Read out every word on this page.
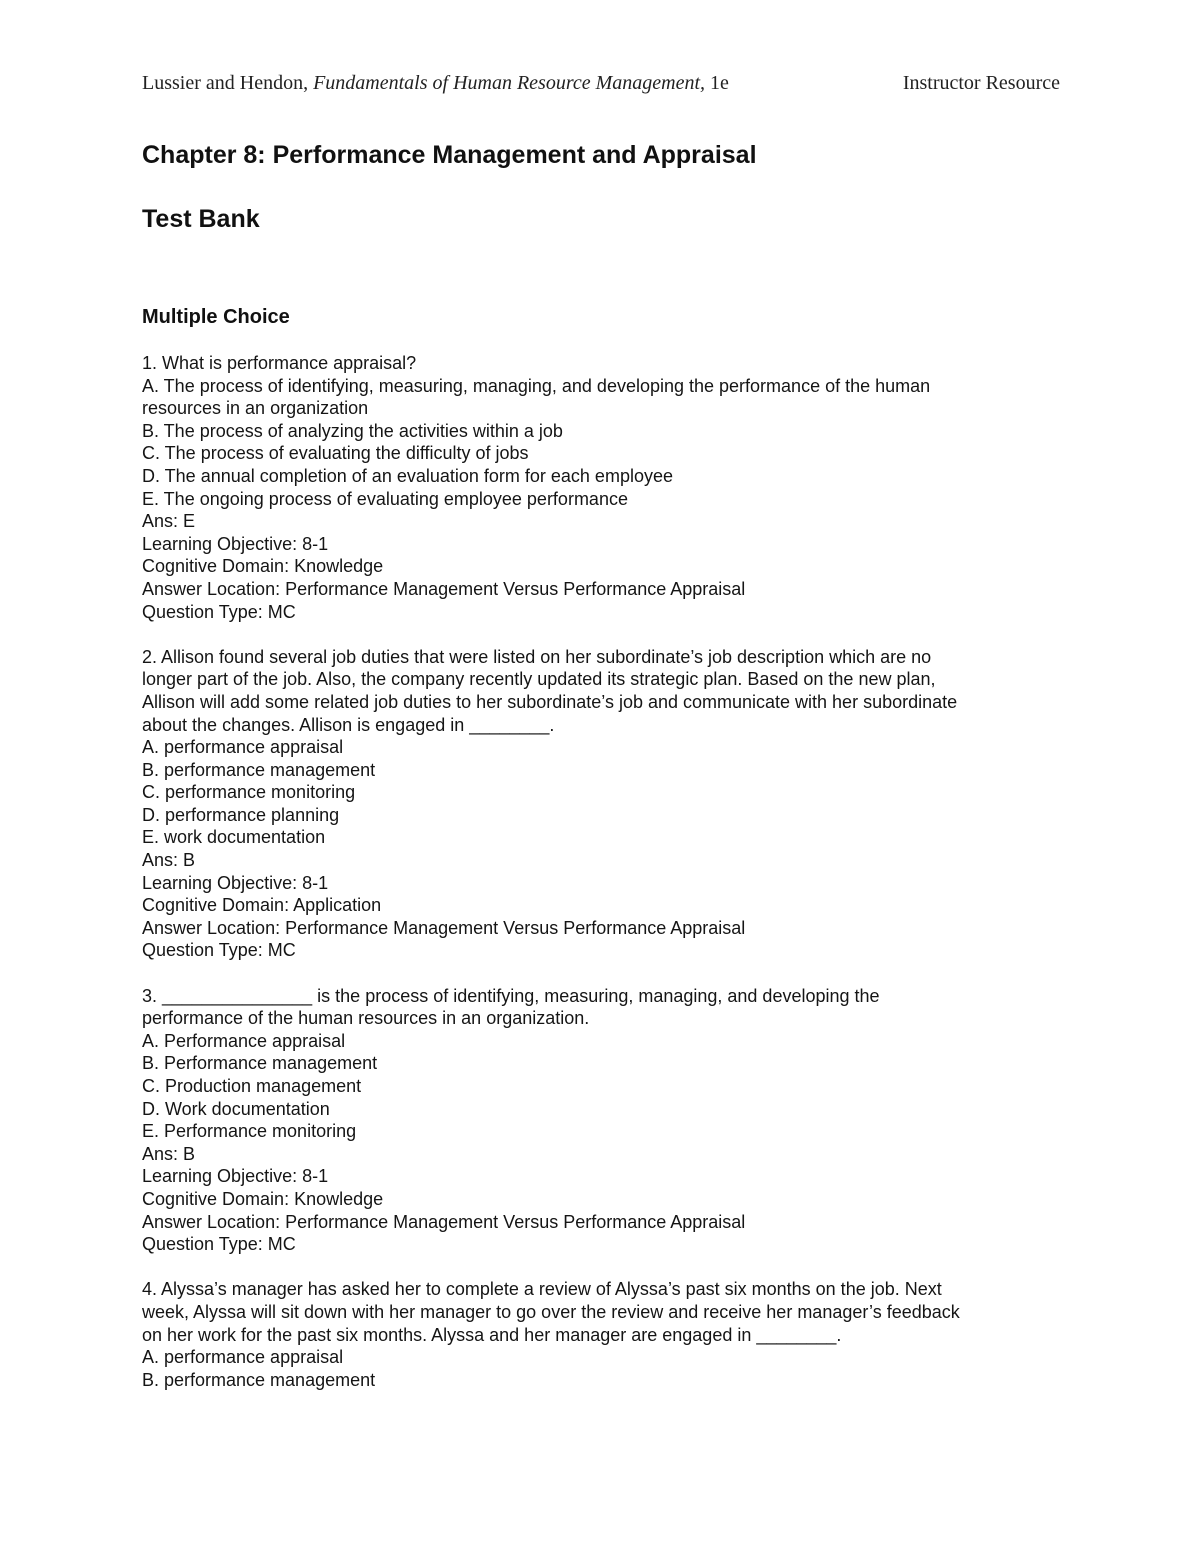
Lussier and Hendon, Fundamentals of Human Resource Management, 1e	Instructor Resource
Chapter 8: Performance Management and Appraisal
Test Bank
Multiple Choice
1. What is performance appraisal?
A. The process of identifying, measuring, managing, and developing the performance of the human
resources in an organization
B. The process of analyzing the activities within a job
C. The process of evaluating the difficulty of jobs
D. The annual completion of an evaluation form for each employee
E. The ongoing process of evaluating employee performance
Ans: E
Learning Objective: 8-1
Cognitive Domain: Knowledge
Answer Location: Performance Management Versus Performance Appraisal
Question Type: MC
2. Allison found several job duties that were listed on her subordinate’s job description which are no
longer part of the job. Also, the company recently updated its strategic plan. Based on the new plan,
Allison will add some related job duties to her subordinate’s job and communicate with her subordinate
about the changes. Allison is engaged in ________.
A. performance appraisal
B. performance management
C. performance monitoring
D. performance planning
E. work documentation
Ans: B
Learning Objective: 8-1
Cognitive Domain: Application
Answer Location: Performance Management Versus Performance Appraisal
Question Type: MC
3. _______________ is the process of identifying, measuring, managing, and developing the
performance of the human resources in an organization.
A. Performance appraisal
B. Performance management
C. Production management
D. Work documentation
E. Performance monitoring
Ans: B
Learning Objective: 8-1
Cognitive Domain: Knowledge
Answer Location: Performance Management Versus Performance Appraisal
Question Type: MC
4. Alyssa’s manager has asked her to complete a review of Alyssa’s past six months on the job. Next
week, Alyssa will sit down with her manager to go over the review and receive her manager’s feedback
on her work for the past six months. Alyssa and her manager are engaged in ________.
A. performance appraisal
B. performance management
